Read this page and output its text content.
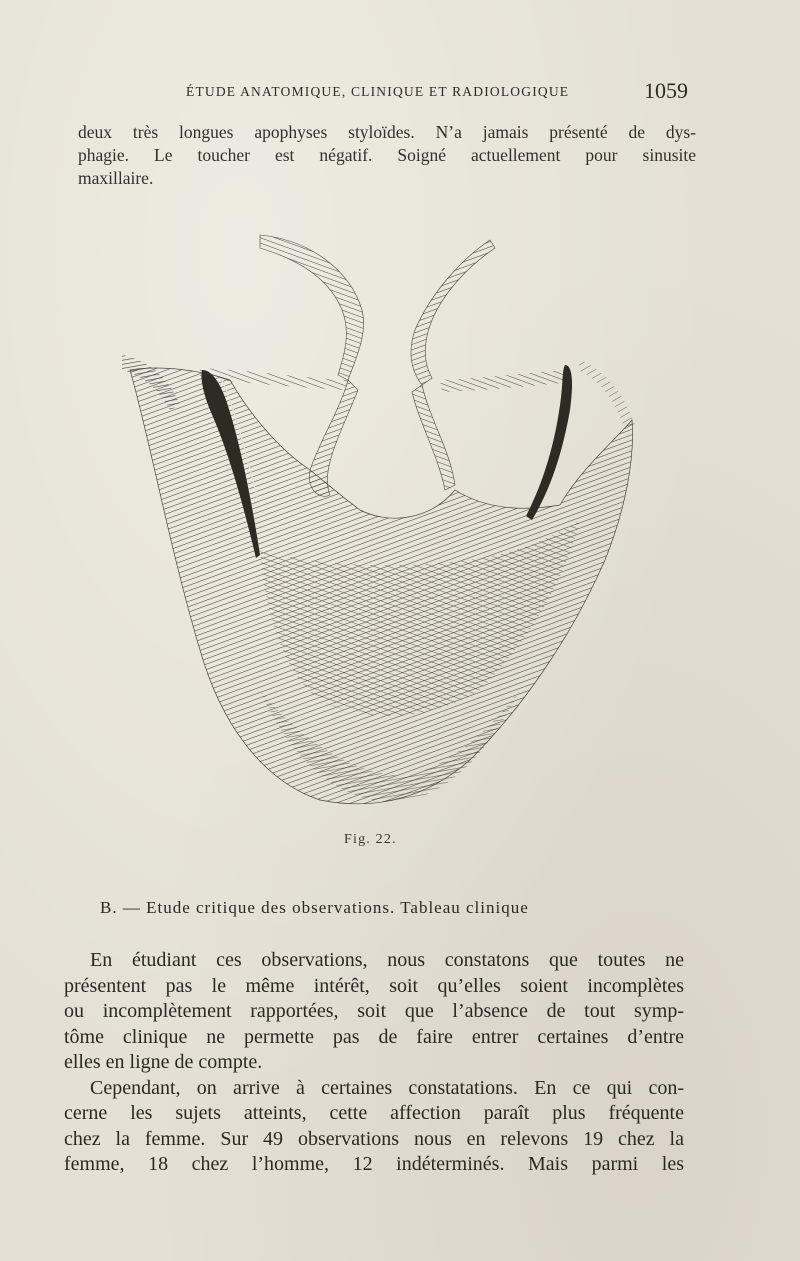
ÉTUDE ANATOMIQUE, CLINIQUE ET RADIOLOGIQUE	1059
deux très longues apophyses styloïdes. N’a jamais présenté de dys-
phagie. Le toucher est négatif. Soigné actuellement pour sinusite
maxillaire.
Fig. 22.
B. — Etude critique des observations. Tableau clinique

En étudiant ces observations, nous constatons que toutes ne
présentent pas le même intérêt, soit qu’elles soient incomplètes
ou incomplètement rapportées, soit que l’absence de tout symp-
tôme clinique ne permette pas de faire entrer certaines d’entre
elles en ligne de compte.

Cependant, on arrive à certaines constatations. En ce qui con-
cerne les sujets atteints, cette affection paraît plus fréquente
chez la femme. Sur 49 observations nous en relevons 19 chez la
femme, 18 chez l’homme, 12 indéterminés. Mais parmi les
